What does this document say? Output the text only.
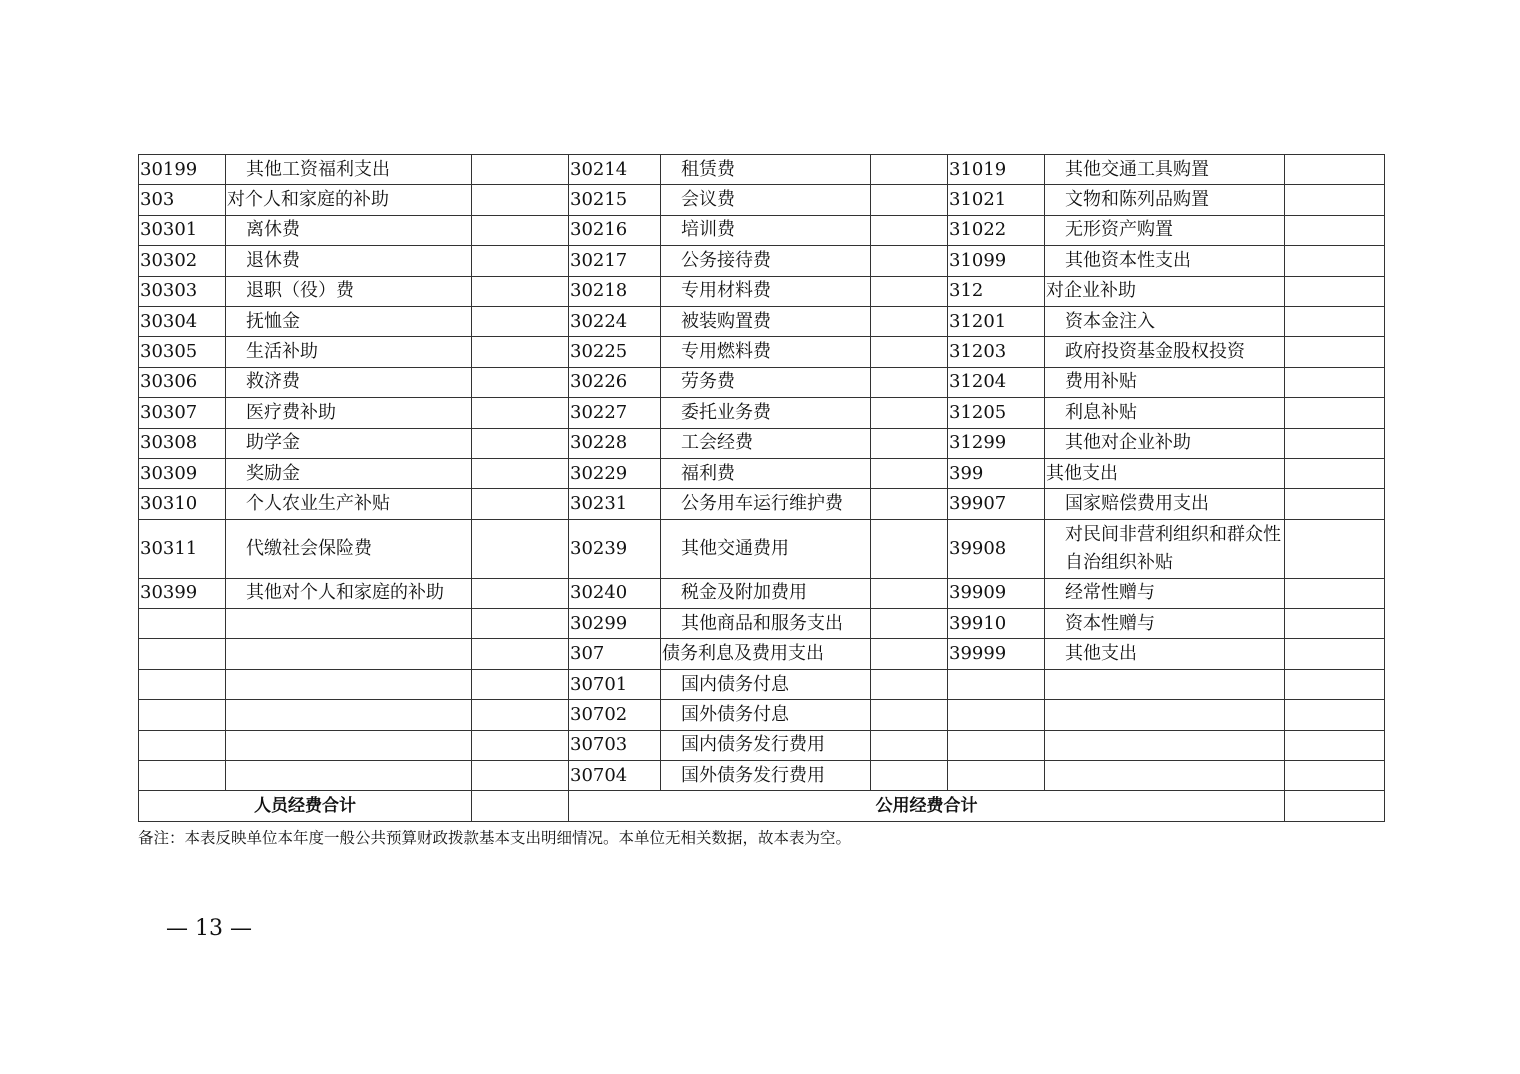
30199	其他工资福利支出		30214	租赁费		31019	其他交通工具购置	
303	对个人和家庭的补助		30215	会议费		31021	文物和陈列品购置	
30301	离休费		30216	培训费		31022	无形资产购置	
30302	退休费		30217	公务接待费		31099	其他资本性支出	
30303	退职（役）费		30218	专用材料费		312	对企业补助	
30304	抚恤金		30224	被装购置费		31201	资本金注入	
30305	生活补助		30225	专用燃料费		31203	政府投资基金股权投资	
30306	救济费		30226	劳务费		31204	费用补贴	
30307	医疗费补助		30227	委托业务费		31205	利息补贴	
30308	助学金		30228	工会经费		31299	其他对企业补助	
30309	奖励金		30229	福利费		399	其他支出	
30310	个人农业生产补贴		30231	公务用车运行维护费		39907	国家赔偿费用支出	
30311	代缴社会保险费		30239	其他交通费用		39908	对民间非营利组织和群众性自治组织补贴	
30399	其他对个人和家庭的补助		30240	税金及附加费用		39909	经常性赠与	
			30299	其他商品和服务支出		39910	资本性赠与	
			307	债务利息及费用支出		39999	其他支出	
			30701	国内债务付息				
			30702	国外债务付息				
			30703	国内债务发行费用				
			30704	国外债务发行费用				
人员经费合计			公用经费合计					
备注：本表反映单位本年度一般公共预算财政拨款基本支出明细情况。本单位无相关数据，故本表为空。
— 13 —
